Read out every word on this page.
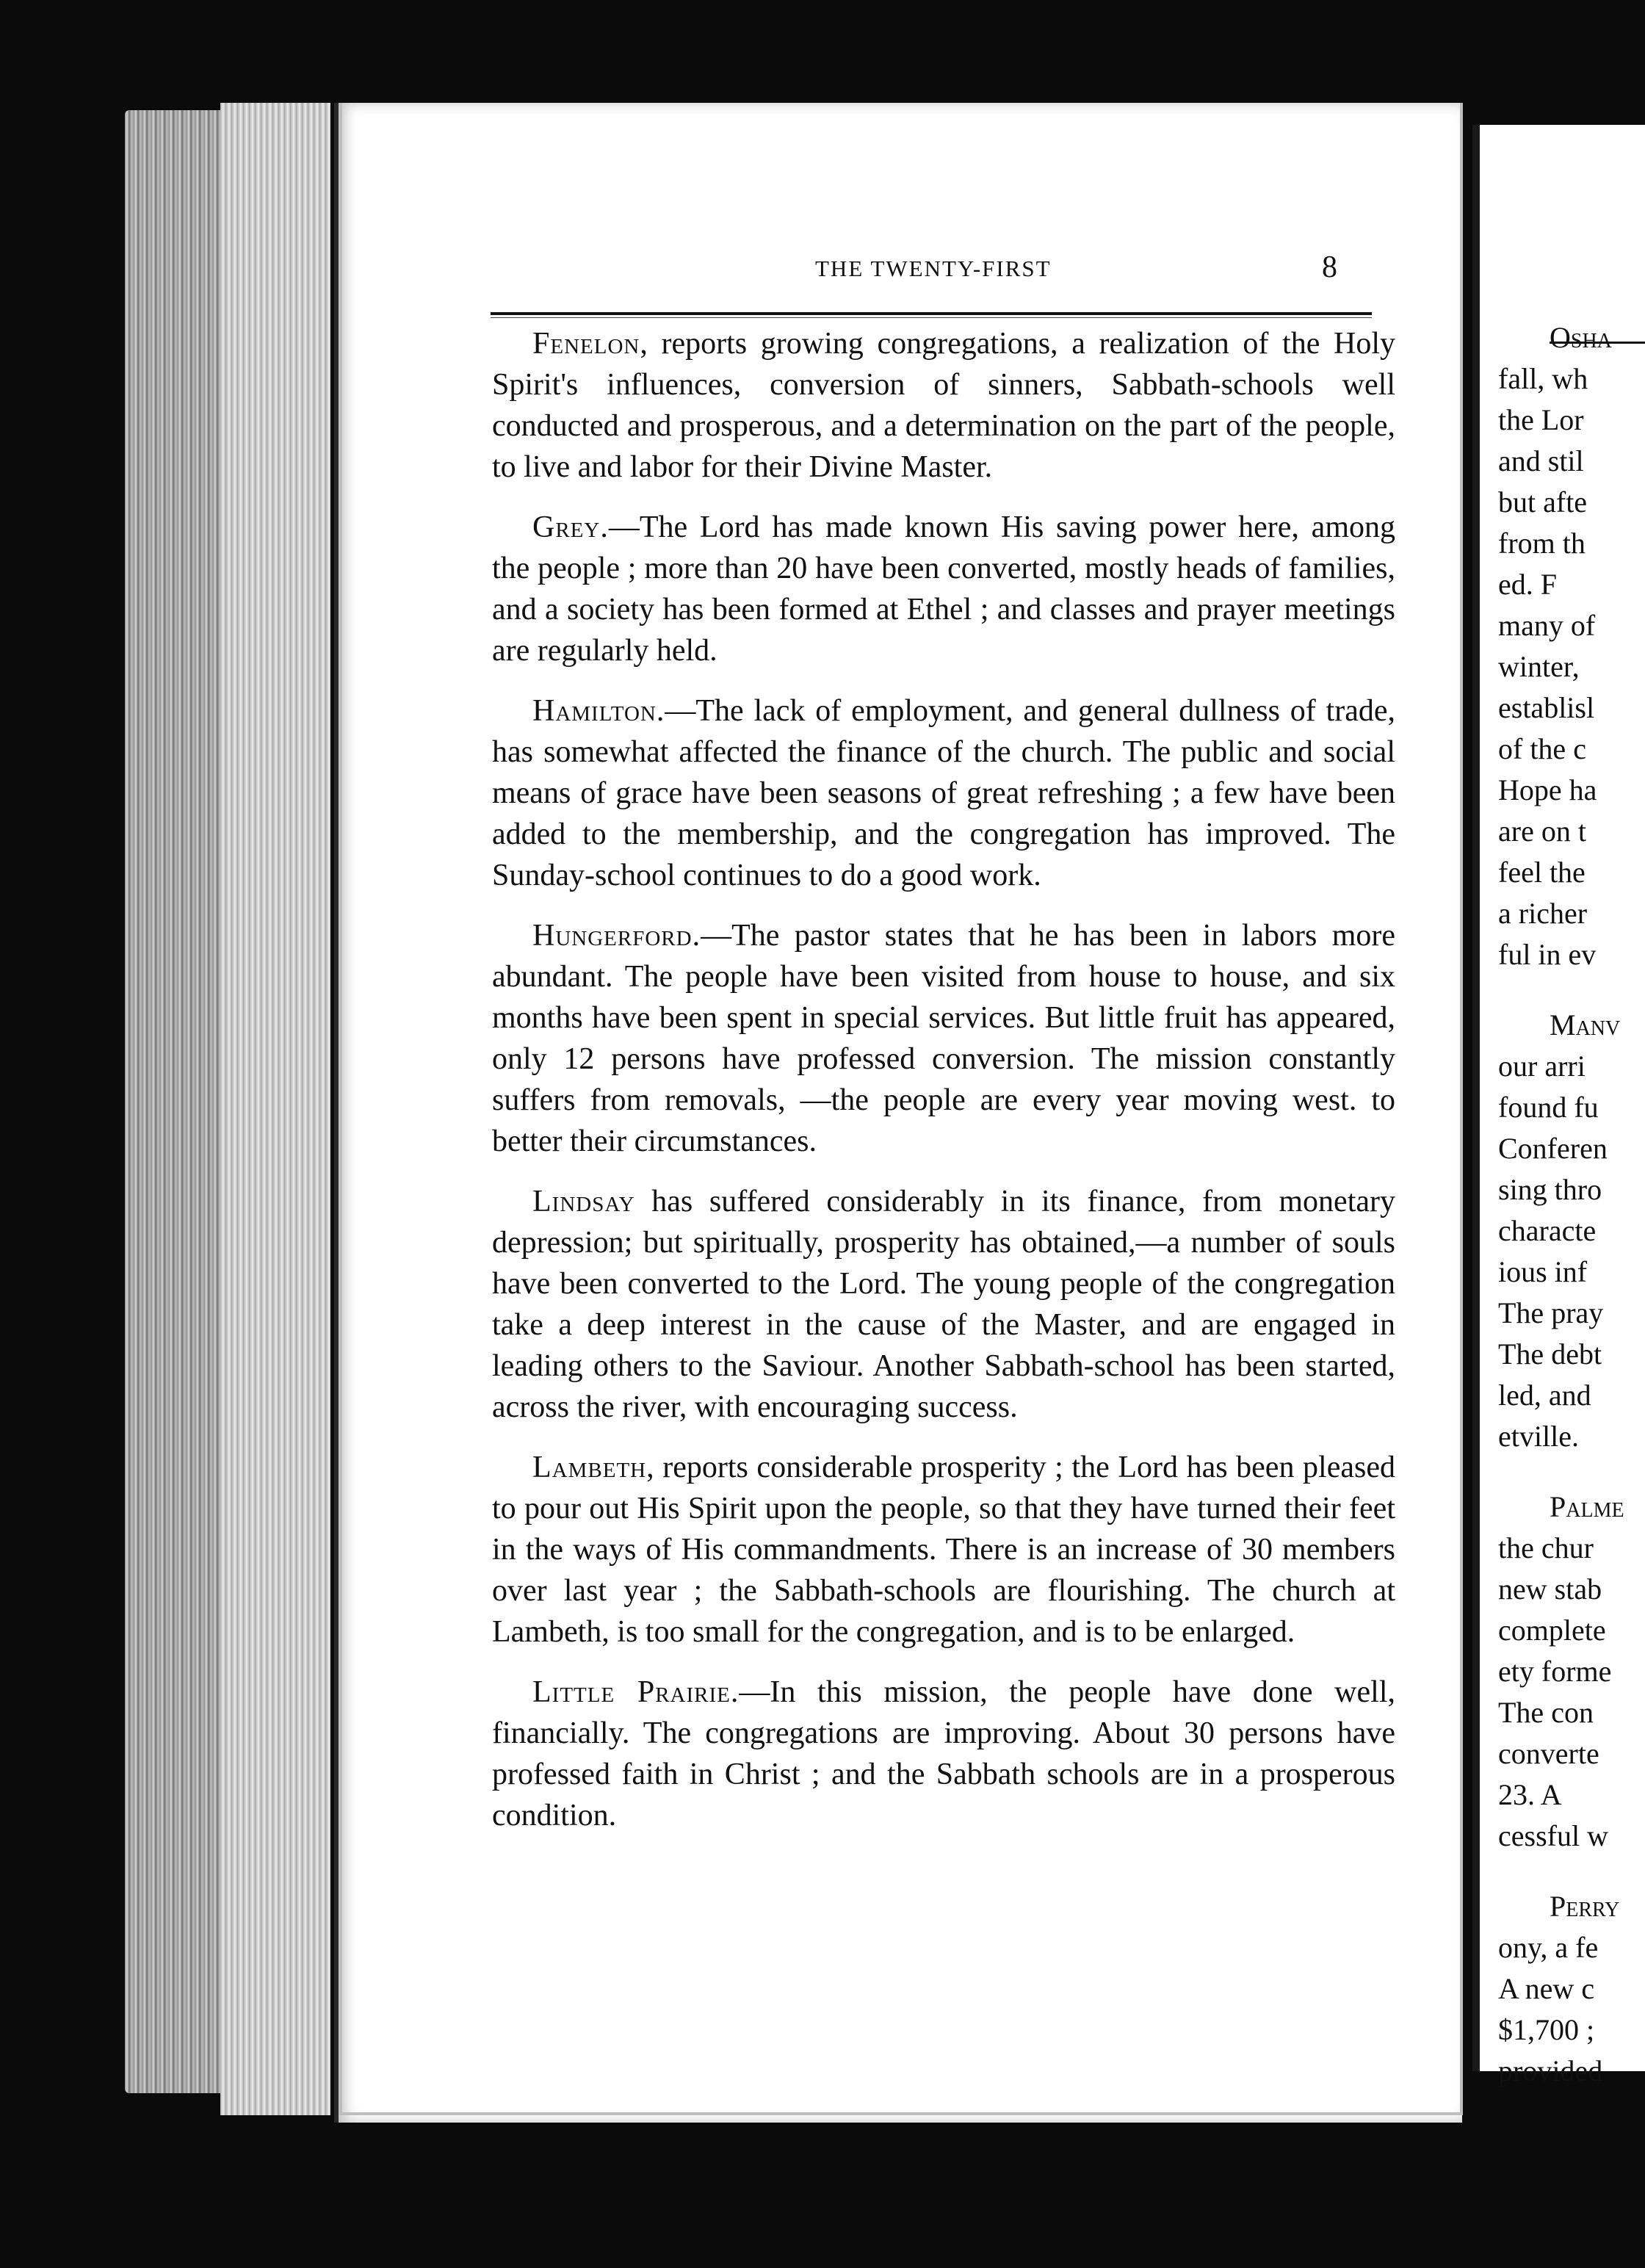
THE TWENTY-FIRST	8

Fenelon, reports growing congregations, a realization of the Holy Spirit's influences, conversion of sinners, Sabbath-schools well conducted and prosperous, and a determination on the part of the people, to live and labor for their Divine Master.

Grey.—The Lord has made known His saving power here, among the people ; more than 20 have been converted, mostly heads of families, and a society has been formed at Ethel ; and classes and prayer meetings are regularly held.

Hamilton.—The lack of employment, and general dullness of trade, has somewhat affected the finance of the church. The public and social means of grace have been seasons of great refreshing ; a few have been added to the membership, and the congregation has improved. The Sunday-school continues to do a good work.

Hungerford.—The pastor states that he has been in labors more abundant. The people have been visited from house to house, and six months have been spent in special services. But little fruit has appeared, only 12 persons have professed conversion. The mission constantly suffers from removals, —the people are every year moving west. to better their circumstances.

Lindsay has suffered considerably in its finance, from monetary depression; but spiritually, prosperity has obtained,—a number of souls have been converted to the Lord. The young people of the congregation take a deep interest in the cause of the Master, and are engaged in leading others to the Saviour. Another Sabbath-school has been started, across the river, with encouraging success.

Lambeth, reports considerable prosperity ; the Lord has been pleased to pour out His Spirit upon the people, so that they have turned their feet in the ways of His commandments. There is an increase of 30 members over last year ; the Sabbath-schools are flourishing. The church at Lambeth, is too small for the congregation, and is to be enlarged.

Little Prairie.—In this mission, the people have done well, financially. The congregations are improving. About 30 persons have professed faith in Christ ; and the Sabbath schools are in a prosperous condition.

Osha
fall, wh
the Lor
and stil
but afte
from th
ed. F
many of
winter,
establisl
of the c
Hope ha
are on t
feel the
a richer
ful in ev
Manv
our arri
found fu
Conferen
sing thro
characte
ious inf
The pray
The debt
led, and
etville.
Palme
the chur
new stab
complete
ety forme
The con
converte
23. A
cessful w
Perry
ony, a fe
A new c
$1,700 ;
provided
